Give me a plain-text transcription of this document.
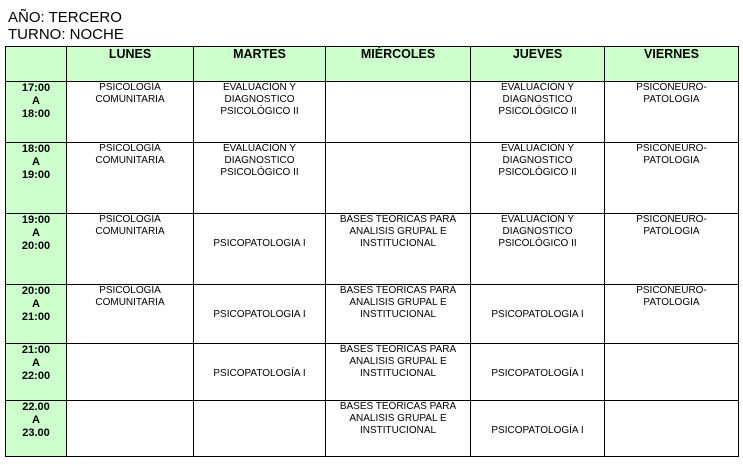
AÑO: TERCERO
TURNO: NOCHE
	LUNES	MARTES	MIÉRCOLES	JUEVES	VIERNES

17:00
A
18:00	PSICOLOGÍA
COMUNITARIA	EVALUACIÓN Y
DIAGNOSTICO
PSICOLÓGICO II		EVALUACIÓN Y
DIAGNOSTICO
PSICOLÓGICO II	PSICONEURO-
PATOLOGIA

18:00
A
19:00	PSICOLOGÍA
COMUNITARIA	EVALUACIÓN Y
DIAGNOSTICO
PSICOLÓGICO II		EVALUACIÓN Y
DIAGNOSTICO
PSICOLÓGICO II	PSICONEURO-
PATOLOGIA

19:00
A
20:00	PSICOLOGÍA
COMUNITARIA	PSICOPATOLOGIA I	BASES TEÓRICAS PARA
ANALISIS GRUPAL E
INSTITUCIONAL	EVALUACIÓN Y
DIAGNOSTICO
PSICOLÓGICO II	PSICONEURO-
PATOLOGIA

20:00
A
21:00	PSICOLOGÍA
COMUNITARIA	PSICOPATOLOGIA I	BASES TEÓRICAS PARA
ANALISIS GRUPAL E
INSTITUCIONAL	PSICOPATOLOGIA I	PSICONEURO-
PATOLOGIA

21:00
A
22:00		PSICOPATOLOGÍA I	BASES TEÓRICAS PARA
ANALISIS GRUPAL E
INSTITUCIONAL	PSICOPATOLOGÍA I	

22.00
A
23.00			BASES TEÓRICAS PARA
ANALISIS GRUPAL E
INSTITUCIONAL	PSICOPATOLOGÍA I	
